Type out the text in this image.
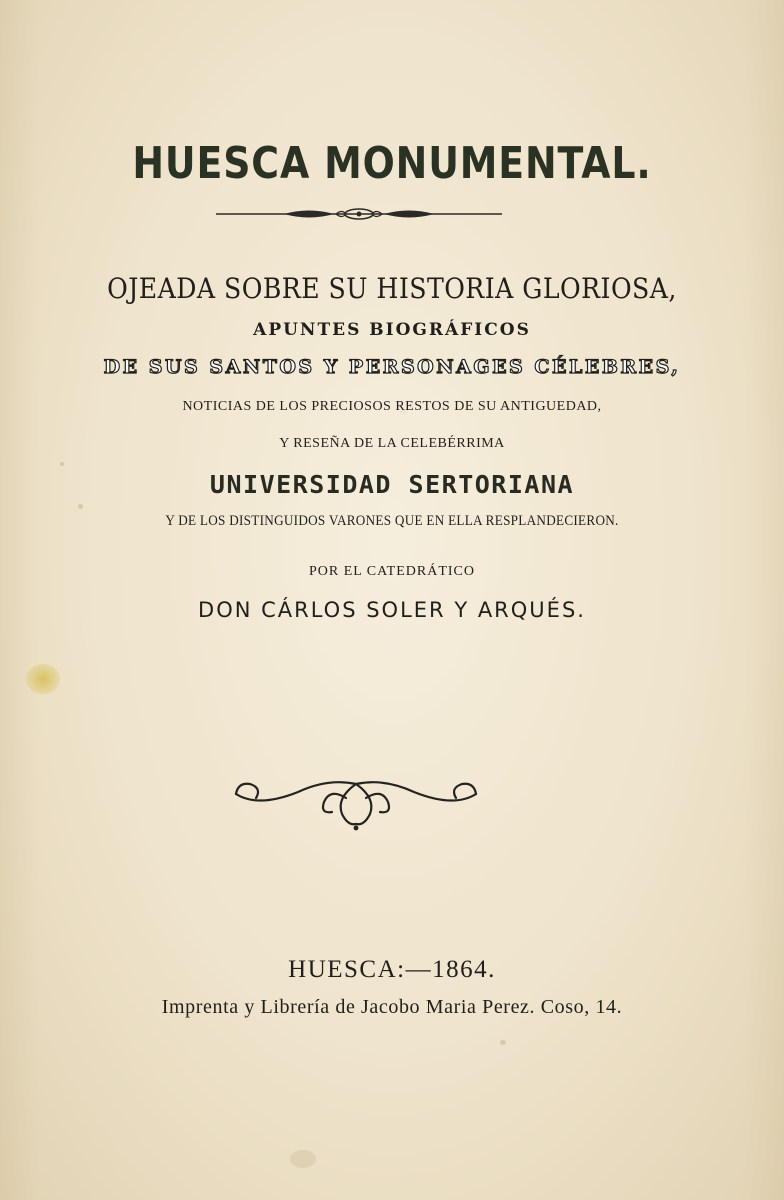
HUESCA MONUMENTAL.
OJEADA SOBRE SU HISTORIA GLORIOSA,
APUNTES BIOGRÁFICOS
DE SUS SANTOS Y PERSONAGES CÉLEBRES,
NOTICIAS DE LOS PRECIOSOS RESTOS DE SU ANTIGUEDAD,
Y RESEÑA DE LA CELEBÉRRIMA
UNIVERSIDAD SERTORIANA
Y DE LOS DISTINGUIDOS VARONES QUE EN ELLA RESPLANDECIERON.
POR EL CATEDRÁTICO
DON CÁRLOS SOLER Y ARQUÉS.
HUESCA:—1864.
Imprenta y Librería de Jacobo Maria Perez. Coso, 14.
